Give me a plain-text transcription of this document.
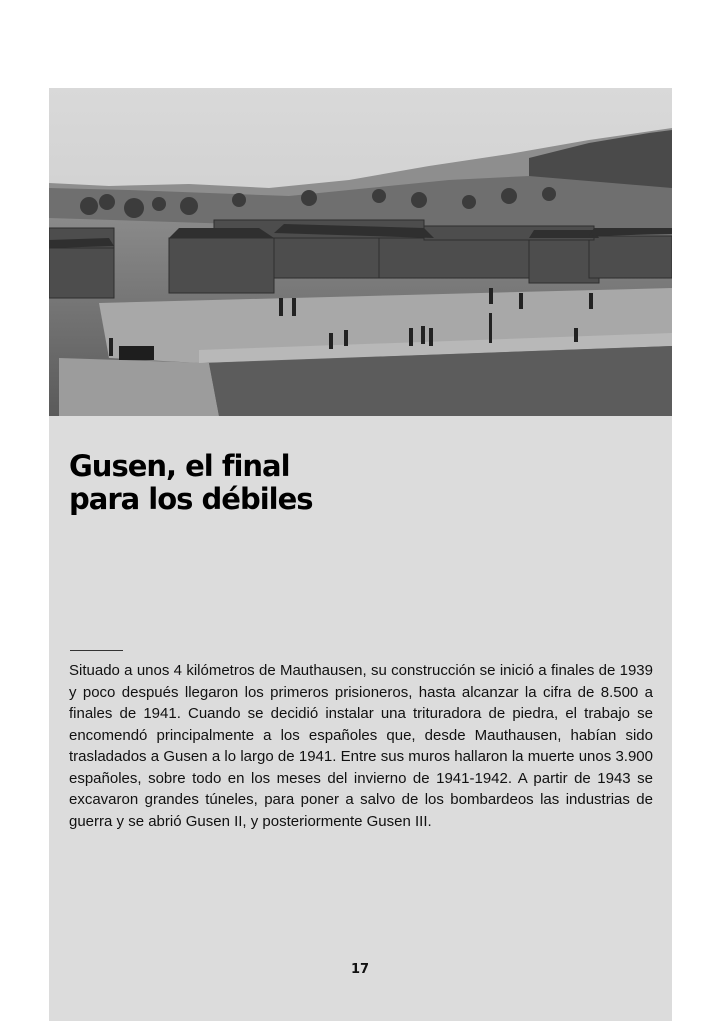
Gusen, el final
para los débiles

Situado a unos 4 kilómetros de Mauthausen, su construcción se inició a finales de 1939 y poco después llegaron los primeros prisioneros, hasta alcanzar la cifra de 8.500 a finales de 1941. Cuando se decidió instalar una trituradora de piedra, el trabajo se encomendó principalmente a los españoles que, desde Mauthausen, habían sido trasladados a Gusen a lo largo de 1941. Entre sus muros hallaron la muerte unos 3.900 españoles, sobre todo en los meses del invierno de 1941-1942. A partir de 1943 se excavaron grandes túneles, para poner a salvo de los bombardeos las industrias de guerra y se abrió Gusen II, y posteriormente Gusen III.

17
